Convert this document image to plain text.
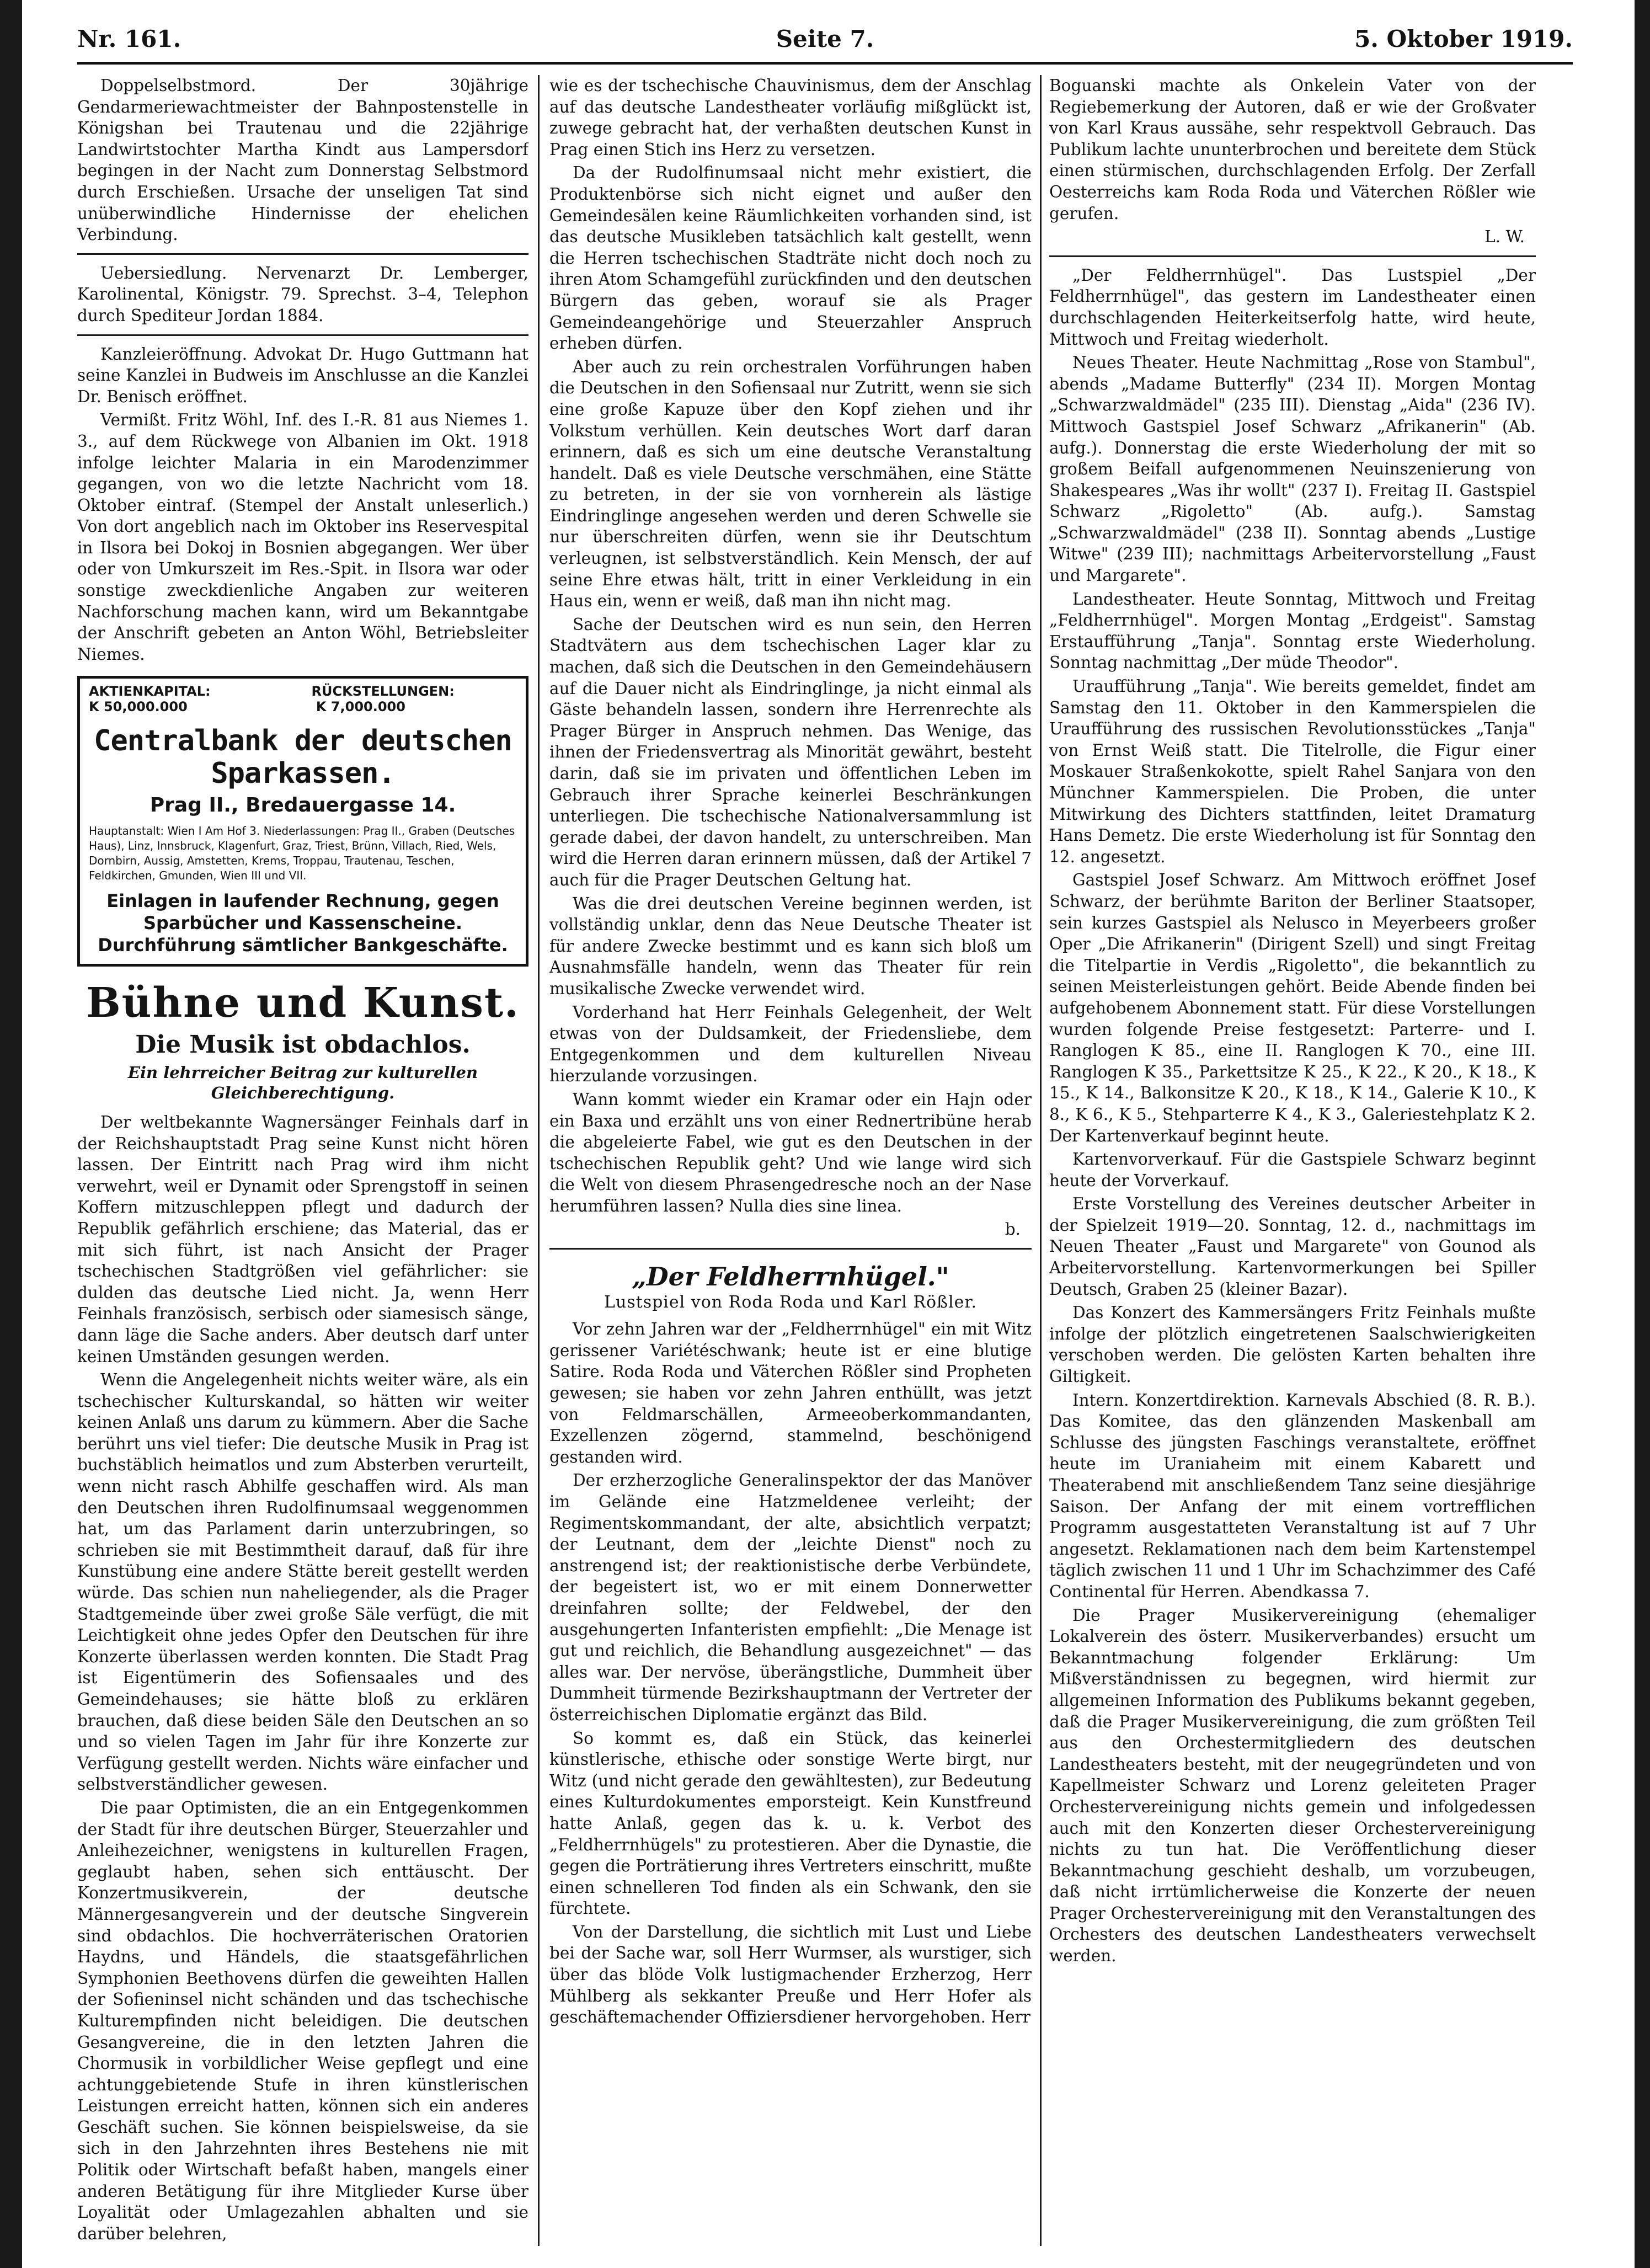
Nr. 161.	Seite 7.	5. Oktober 1919.

Doppelselbstmord. Der 30jährige Gendarmeriewachtmeister der Bahnpostenstelle in Königshan bei Trautenau und die 22jährige Landwirtstochter Martha Kindt aus Lampersdorf begingen in der Nacht zum Donnerstag Selbstmord durch Erschießen. Ursache der unseligen Tat sind unüberwindliche Hindernisse der ehelichen Verbindung.

Uebersiedlung. Nervenarzt Dr. Lemberger, Karolinental, Königstr. 79. Sprechst. 3–4, Telephon durch Spediteur Jordan 1884.

Kanzleieröffnung. Advokat Dr. Hugo Guttmann hat seine Kanzlei in Budweis im Anschlusse an die Kanzlei Dr. Benisch eröffnet.

Vermißt. Fritz Wöhl, Inf. des I.-R. 81 aus Niemes 1. 3., auf dem Rückwege von Albanien im Okt. 1918 infolge leichter Malaria in ein Marodenzimmer gegangen, von wo die letzte Nachricht vom 18. Oktober eintraf. (Stempel der Anstalt unleserlich.) Von dort angeblich nach im Oktober ins Reservespital in Ilsora bei Dokoj in Bosnien abgegangen. Wer über oder von Umkurszeit im Res.-Spit. in Ilsora war oder sonstige zweckdienliche Angaben zur weiteren Nachforschung machen kann, wird um Bekanntgabe der Anschrift gebeten an Anton Wöhl, Betriebsleiter Niemes.

AKTIENKAPITAL:
K 50,000.000
RÜCKSTELLUNGEN:
K 7,000.000
Centralbank der deutschen Sparkassen.
Prag II., Bredauergasse 14.
Hauptanstalt: Wien I Am Hof 3. Niederlassungen: Prag II., Graben (Deutsches Haus), Linz, Innsbruck, Klagenfurt, Graz, Triest, Brünn, Villach, Ried, Wels, Dornbirn, Aussig, Amstetten, Krems, Troppau, Trautenau, Teschen, Feldkirchen, Gmunden, Wien III und VII.
Einlagen in laufender Rechnung, gegen Sparbücher und Kassenscheine.
Durchführung sämtlicher Bankgeschäfte.
Bühne und Kunst.
Die Musik ist obdachlos.
Ein lehrreicher Beitrag zur kulturellen Gleichberechtigung.

Der weltbekannte Wagnersänger Feinhals darf in der Reichshauptstadt Prag seine Kunst nicht hören lassen. Der Eintritt nach Prag wird ihm nicht verwehrt, weil er Dynamit oder Sprengstoff in seinen Koffern mitzuschleppen pflegt und dadurch der Republik gefährlich erschiene; das Material, das er mit sich führt, ist nach Ansicht der Prager tschechischen Stadtgrößen viel gefährlicher: sie dulden das deutsche Lied nicht. Ja, wenn Herr Feinhals französisch, serbisch oder siamesisch sänge, dann läge die Sache anders. Aber deutsch darf unter keinen Umständen gesungen werden.

Wenn die Angelegenheit nichts weiter wäre, als ein tschechischer Kulturskandal, so hätten wir weiter keinen Anlaß uns darum zu kümmern. Aber die Sache berührt uns viel tiefer: Die deutsche Musik in Prag ist buchstäblich heimatlos und zum Absterben verurteilt, wenn nicht rasch Abhilfe geschaffen wird. Als man den Deutschen ihren Rudolfinumsaal weggenommen hat, um das Parlament darin unterzubringen, so schrieben sie mit Bestimmtheit darauf, daß für ihre Kunstübung eine andere Stätte bereit gestellt werden würde. Das schien nun naheliegender, als die Prager Stadtgemeinde über zwei große Säle verfügt, die mit Leichtigkeit ohne jedes Opfer den Deutschen für ihre Konzerte überlassen werden konnten. Die Stadt Prag ist Eigentümerin des Sofiensaales und des Gemeindehauses; sie hätte bloß zu erklären brauchen, daß diese beiden Säle den Deutschen an so und so vielen Tagen im Jahr für ihre Konzerte zur Verfügung gestellt werden. Nichts wäre einfacher und selbstverständlicher gewesen.

Die paar Optimisten, die an ein Entgegenkommen der Stadt für ihre deutschen Bürger, Steuerzahler und Anleihezeichner, wenigstens in kulturellen Fragen, geglaubt haben, sehen sich enttäuscht. Der Konzertmusikverein, der deutsche Männergesangverein und der deutsche Singverein sind obdachlos. Die hochverräterischen Oratorien Haydns, und Händels, die staatsgefährlichen Symphonien Beethovens dürfen die geweihten Hallen der Sofieninsel nicht schänden und das tschechische Kulturempfinden nicht beleidigen. Die deutschen Gesangvereine, die in den letzten Jahren die Chormusik in vorbildlicher Weise gepflegt und eine achtunggebietende Stufe in ihren künstlerischen Leistungen erreicht hatten, können sich ein anderes Geschäft suchen. Sie können beispielsweise, da sie sich in den Jahrzehnten ihres Bestehens nie mit Politik oder Wirtschaft befaßt haben, mangels einer anderen Betätigung für ihre Mitglieder Kurse über Loyalität oder Umlagezahlen abhalten und sie darüber belehren,

wie es der tschechische Chauvinismus, dem der Anschlag auf das deutsche Landestheater vorläufig mißglückt ist, zuwege gebracht hat, der verhaßten deutschen Kunst in Prag einen Stich ins Herz zu versetzen.

Da der Rudolfinumsaal nicht mehr existiert, die Produktenbörse sich nicht eignet und außer den Gemeindesälen keine Räumlichkeiten vorhanden sind, ist das deutsche Musikleben tatsächlich kalt gestellt, wenn die Herren tschechischen Stadträte nicht doch noch zu ihren Atom Schamgefühl zurückfinden und den deutschen Bürgern das geben, worauf sie als Prager Gemeindeangehörige und Steuerzahler Anspruch erheben dürfen.

Aber auch zu rein orchestralen Vorführungen haben die Deutschen in den Sofiensaal nur Zutritt, wenn sie sich eine große Kapuze über den Kopf ziehen und ihr Volkstum verhüllen. Kein deutsches Wort darf daran erinnern, daß es sich um eine deutsche Veranstaltung handelt. Daß es viele Deutsche verschmähen, eine Stätte zu betreten, in der sie von vornherein als lästige Eindringlinge angesehen werden und deren Schwelle sie nur überschreiten dürfen, wenn sie ihr Deutschtum verleugnen, ist selbstverständlich. Kein Mensch, der auf seine Ehre etwas hält, tritt in einer Verkleidung in ein Haus ein, wenn er weiß, daß man ihn nicht mag.

Sache der Deutschen wird es nun sein, den Herren Stadtvätern aus dem tschechischen Lager klar zu machen, daß sich die Deutschen in den Gemeindehäusern auf die Dauer nicht als Eindringlinge, ja nicht einmal als Gäste behandeln lassen, sondern ihre Herrenrechte als Prager Bürger in Anspruch nehmen. Das Wenige, das ihnen der Friedensvertrag als Minorität gewährt, besteht darin, daß sie im privaten und öffentlichen Leben im Gebrauch ihrer Sprache keinerlei Beschränkungen unterliegen. Die tschechische Nationalversammlung ist gerade dabei, der davon handelt, zu unterschreiben. Man wird die Herren daran erinnern müssen, daß der Artikel 7 auch für die Prager Deutschen Geltung hat.

Was die drei deutschen Vereine beginnen werden, ist vollständig unklar, denn das Neue Deutsche Theater ist für andere Zwecke bestimmt und es kann sich bloß um Ausnahmsfälle handeln, wenn das Theater für rein musikalische Zwecke verwendet wird.

Vorderhand hat Herr Feinhals Gelegenheit, der Welt etwas von der Duldsamkeit, der Friedensliebe, dem Entgegenkommen und dem kulturellen Niveau hierzulande vorzusingen.

Wann kommt wieder ein Kramar oder ein Hajn oder ein Baxa und erzählt uns von einer Rednertribüne herab die abgeleierte Fabel, wie gut es den Deutschen in der tschechischen Republik geht? Und wie lange wird sich die Welt von diesem Phrasengedresche noch an der Nase herumführen lassen? Nulla dies sine linea.

b.
„Der Feldherrnhügel."
Lustspiel von Roda Roda und Karl Rößler.

Vor zehn Jahren war der „Feldherrnhügel" ein mit Witz gerissener Variétéschwank; heute ist er eine blutige Satire. Roda Roda und Väterchen Rößler sind Propheten gewesen; sie haben vor zehn Jahren enthüllt, was jetzt von Feldmarschällen, Armeeoberkommandanten, Exzellenzen zögernd, stammelnd, beschönigend gestanden wird.

Der erzherzogliche Generalinspektor der das Manöver im Gelände eine Hatzmeldenee verleiht; der Regimentskommandant, der alte, absichtlich verpatzt; der Leutnant, dem der „leichte Dienst" noch zu anstrengend ist; der reaktionistische derbe Verbündete, der begeistert ist, wo er mit einem Donnerwetter dreinfahren sollte; der Feldwebel, der den ausgehungerten Infanteristen empfiehlt: „Die Menage ist gut und reichlich, die Behandlung ausgezeichnet" — das alles war. Der nervöse, überängstliche, Dummheit über Dummheit türmende Bezirkshauptmann der Vertreter der österreichischen Diplomatie ergänzt das Bild.

So kommt es, daß ein Stück, das keinerlei künstlerische, ethische oder sonstige Werte birgt, nur Witz (und nicht gerade den gewähltesten), zur Bedeutung eines Kulturdokumentes emporsteigt. Kein Kunstfreund hatte Anlaß, gegen das k. u. k. Verbot des „Feldherrnhügels" zu protestieren. Aber die Dynastie, die gegen die Porträtierung ihres Vertreters einschritt, mußte einen schnelleren Tod finden als ein Schwank, den sie fürchtete.

Von der Darstellung, die sichtlich mit Lust und Liebe bei der Sache war, soll Herr Wurmser, als wurstiger, sich über das blöde Volk lustigmachender Erzherzog, Herr Mühlberg als sekkanter Preuße und Herr Hofer als geschäftemachender Offiziersdiener hervorgehoben. Herr

Boguanski machte als Onkelein Vater von der Regiebemerkung der Autoren, daß er wie der Großvater von Karl Kraus aussähe, sehr respektvoll Gebrauch. Das Publikum lachte ununterbrochen und bereitete dem Stück einen stürmischen, durchschlagenden Erfolg. Der Zerfall Oesterreichs kam Roda Roda und Väterchen Rößler wie gerufen.

L. W.

„Der Feldherrnhügel". Das Lustspiel „Der Feldherrnhügel", das gestern im Landestheater einen durchschlagenden Heiterkeitserfolg hatte, wird heute, Mittwoch und Freitag wiederholt.

Neues Theater. Heute Nachmittag „Rose von Stambul", abends „Madame Butterfly" (234 II). Morgen Montag „Schwarzwaldmädel" (235 III). Dienstag „Aida" (236 IV). Mittwoch Gastspiel Josef Schwarz „Afrikanerin" (Ab. aufg.). Donnerstag die erste Wiederholung der mit so großem Beifall aufgenommenen Neuinszenierung von Shakespeares „Was ihr wollt" (237 I). Freitag II. Gastspiel Schwarz „Rigoletto" (Ab. aufg.). Samstag „Schwarzwaldmädel" (238 II). Sonntag abends „Lustige Witwe" (239 III); nachmittags Arbeitervorstellung „Faust und Margarete".

Landestheater. Heute Sonntag, Mittwoch und Freitag „Feldherrnhügel". Morgen Montag „Erdgeist". Samstag Erstaufführung „Tanja". Sonntag erste Wiederholung. Sonntag nachmittag „Der müde Theodor".

Uraufführung „Tanja". Wie bereits gemeldet, findet am Samstag den 11. Oktober in den Kammerspielen die Uraufführung des russischen Revolutionsstückes „Tanja" von Ernst Weiß statt. Die Titelrolle, die Figur einer Moskauer Straßenkokotte, spielt Rahel Sanjara von den Münchner Kammerspielen. Die Proben, die unter Mitwirkung des Dichters stattfinden, leitet Dramaturg Hans Demetz. Die erste Wiederholung ist für Sonntag den 12. angesetzt.

Gastspiel Josef Schwarz. Am Mittwoch eröffnet Josef Schwarz, der berühmte Bariton der Berliner Staatsoper, sein kurzes Gastspiel als Nelusco in Meyerbeers großer Oper „Die Afrikanerin" (Dirigent Szell) und singt Freitag die Titelpartie in Verdis „Rigoletto", die bekanntlich zu seinen Meisterleistungen gehört. Beide Abende finden bei aufgehobenem Abonnement statt. Für diese Vorstellungen wurden folgende Preise festgesetzt: Parterre- und I. Ranglogen K 85., eine II. Ranglogen K 70., eine III. Ranglogen K 35., Parkettsitze K 25., K 22., K 20., K 18., K 15., K 14., Balkonsitze K 20., K 18., K 14., Galerie K 10., K 8., K 6., K 5., Stehparterre K 4., K 3., Galeriestehplatz K 2. Der Kartenverkauf beginnt heute.

Kartenvorverkauf. Für die Gastspiele Schwarz beginnt heute der Vorverkauf.

Erste Vorstellung des Vereines deutscher Arbeiter in der Spielzeit 1919—20. Sonntag, 12. d., nachmittags im Neuen Theater „Faust und Margarete" von Gounod als Arbeitervorstellung. Kartenvormerkungen bei Spiller Deutsch, Graben 25 (kleiner Bazar).

Das Konzert des Kammersängers Fritz Feinhals mußte infolge der plötzlich eingetretenen Saalschwierigkeiten verschoben werden. Die gelösten Karten behalten ihre Giltigkeit.

Intern. Konzertdirektion. Karnevals Abschied (8. R. B.). Das Komitee, das den glänzenden Maskenball am Schlusse des jüngsten Faschings veranstaltete, eröffnet heute im Uraniaheim mit einem Kabarett und Theaterabend mit anschließendem Tanz seine diesjährige Saison. Der Anfang der mit einem vortrefflichen Programm ausgestatteten Veranstaltung ist auf 7 Uhr angesetzt. Reklamationen nach dem beim Kartenstempel täglich zwischen 11 und 1 Uhr im Schachzimmer des Café Continental für Herren. Abendkassa 7.

Die Prager Musikervereinigung (ehemaliger Lokalverein des österr. Musikerverbandes) ersucht um Bekanntmachung folgender Erklärung: Um Mißverständnissen zu begegnen, wird hiermit zur allgemeinen Information des Publikums bekannt gegeben, daß die Prager Musikervereinigung, die zum größten Teil aus den Orchestermitgliedern des deutschen Landestheaters besteht, mit der neugegründeten und von Kapellmeister Schwarz und Lorenz geleiteten Prager Orchestervereinigung nichts gemein und infolgedessen auch mit den Konzerten dieser Orchestervereinigung nichts zu tun hat. Die Veröffentlichung dieser Bekanntmachung geschieht deshalb, um vorzubeugen, daß nicht irrtümlicherweise die Konzerte der neuen Prager Orchestervereinigung mit den Veranstaltungen des Orchesters des deutschen Landestheaters verwechselt werden.
